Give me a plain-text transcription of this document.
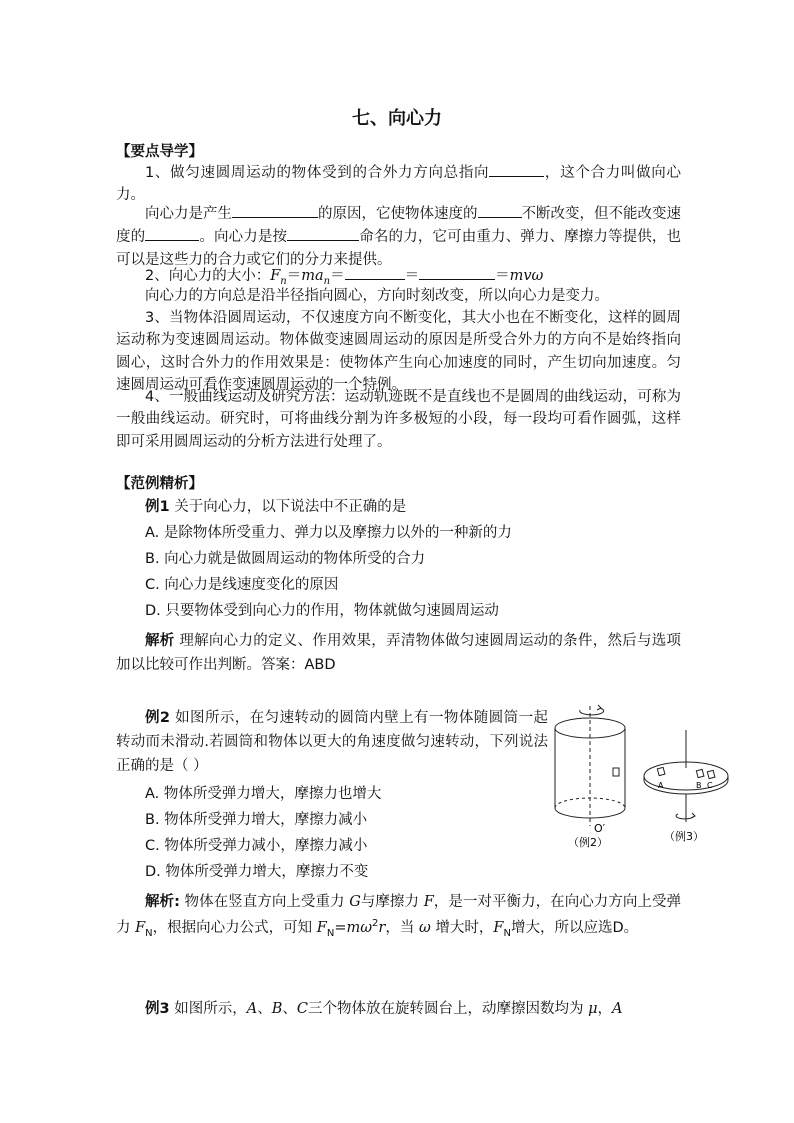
七、向心力
【要点导学】

1、做匀速圆周运动的物体受到的合外力方向总指向	，这个合力叫做向心力。

向心力是产生	的原因，它使物体速度的	不断改变，但不能改变速度的	。向心力是按	命名的力，它可由重力、弹力、摩擦力等提供，也可以是这些力的合力或它们的分力来提供。

2、向心力的大小：$F_n=ma_n=$	＝	＝mvω

向心力的方向总是沿半径指向圆心，方向时刻改变，所以向心力是变力。

3、当物体沿圆周运动，不仅速度方向不断变化，其大小也在不断变化，这样的圆周运动称为变速圆周运动。物体做变速圆周运动的原因是所受合外力的方向不是始终指向圆心，这时合外力的作用效果是：使物体产生向心加速度的同时，产生切向加速度。匀速圆周运动可看作变速圆周运动的一个特例。

4、一般曲线运动及研究方法：运动轨迹既不是直线也不是圆周的曲线运动，可称为一般曲线运动。研究时，可将曲线分割为许多极短的小段，每一段均可看作圆弧，这样即可采用圆周运动的分析方法进行处理了。

【范例精析】
例1 关于向心力，以下说法中不正确的是
A. 是除物体所受重力、弹力以及摩擦力以外的一种新的力
B. 向心力就是做圆周运动的物体所受的合力
C. 向心力是线速度变化的原因
D. 只要物体受到向心力的作用，物体就做匀速圆周运动

解析 理解向心力的定义、作用效果，弄清物体做匀速圆周运动的条件，然后与选项加以比较可作出判断。答案：ABD

例2 如图所示，在匀速转动的圆筒内壁上有一物体随圆筒一起转动而未滑动.若圆筒和物体以更大的角速度做匀速转动，下列说法正确的是（ ）

A. 物体所受弹力增大，摩擦力也增大
B. 物体所受弹力增大，摩擦力减小
C. 物体所受弹力减小，摩擦力减小
D. 物体所受弹力增大，摩擦力不变

解析: 物体在竖直方向上受重力 G与摩擦力 F，是一对平衡力，在向心力方向上受弹力 $F_N$，根据向心力公式，可知 $F_N=m\omega^2r$，当 ω 增大时，$F_N$增大，所以应选D。

例3 如图所示，A、B、C三个物体放在旋转圆台上，动摩擦因数均为 μ，A
O′
（例2）
A	B C
（例3）
